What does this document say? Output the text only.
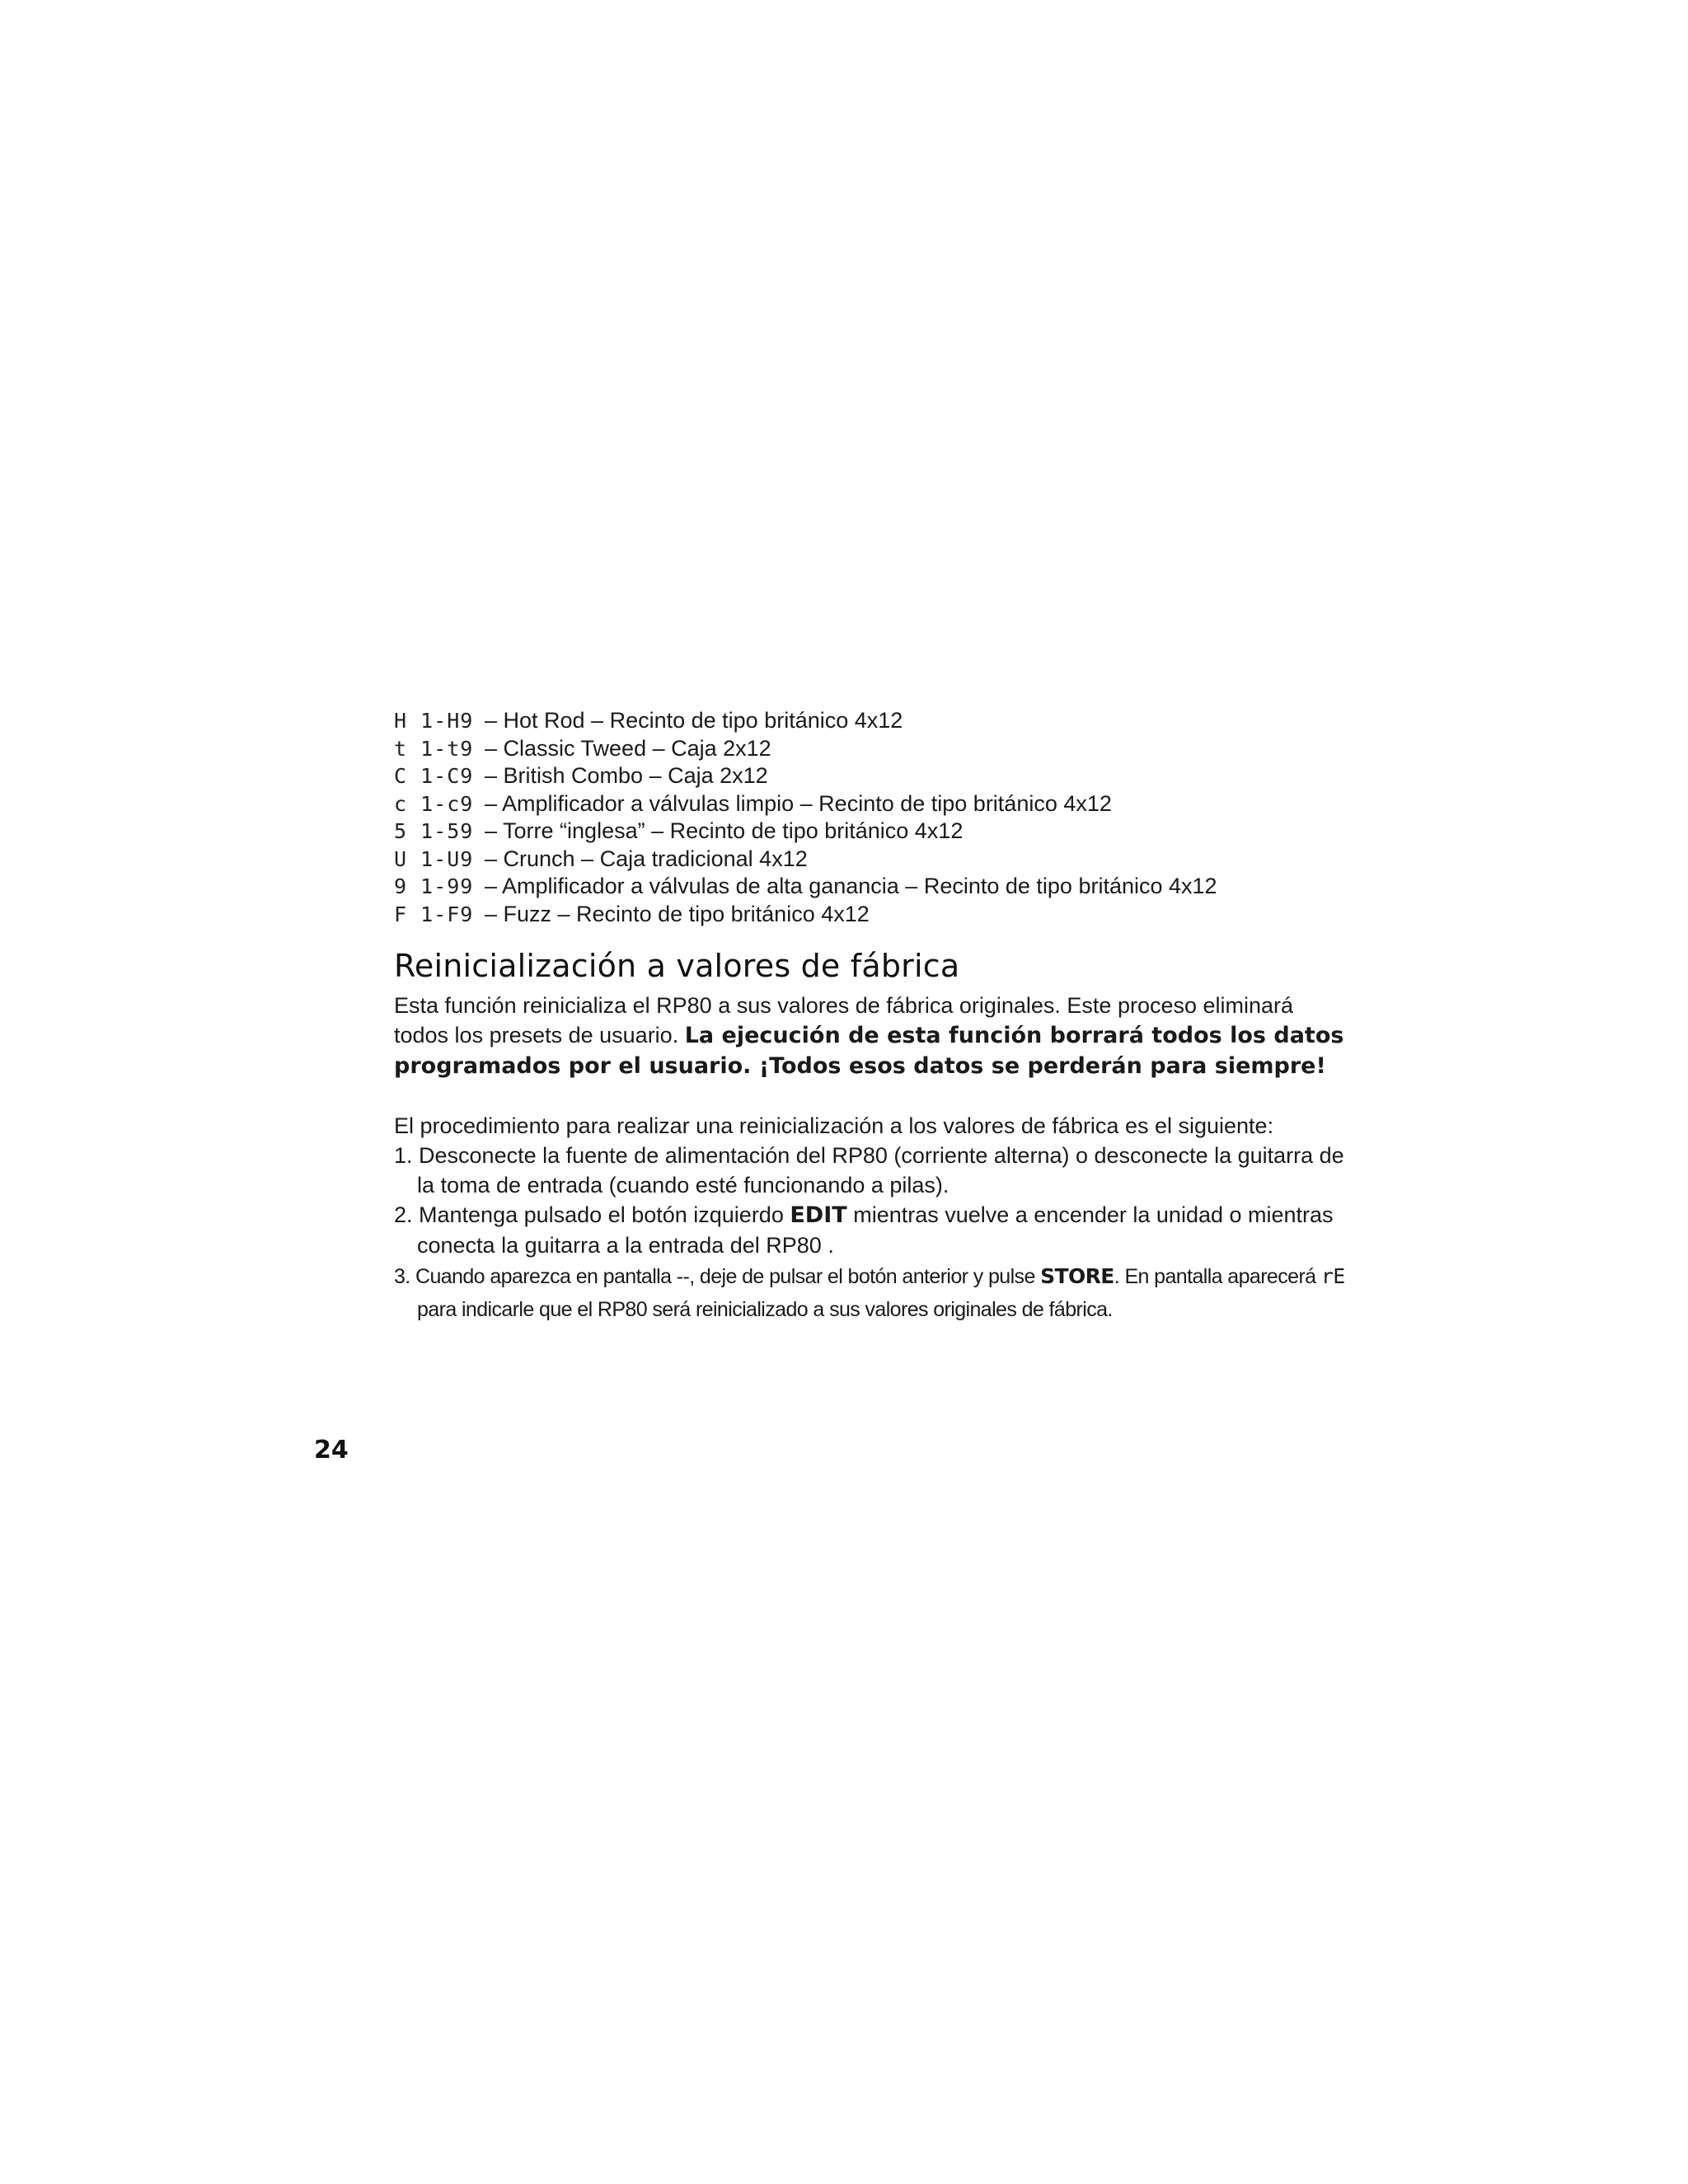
H 1-H9 – Hot Rod – Recinto de tipo británico 4x12
t 1-t9 – Classic Tweed – Caja 2x12
C 1-C9 – British Combo – Caja 2x12
c 1-c9 – Amplificador a válvulas limpio – Recinto de tipo británico 4x12
5 1-59 – Torre “inglesa” – Recinto de tipo británico 4x12
U 1-U9 – Crunch – Caja tradicional 4x12
9 1-99 – Amplificador a válvulas de alta ganancia – Recinto de tipo británico 4x12
F 1-F9 – Fuzz – Recinto de tipo británico 4x12
Reinicialización a valores de fábrica

Esta función reinicializa el RP80 a sus valores de fábrica originales. Este proceso eliminará todos los presets de usuario. La ejecución de esta función borrará todos los datos programados por el usuario. ¡Todos esos datos se perderán para siempre!

El procedimiento para realizar una reinicialización a los valores de fábrica es el siguiente:

1. Desconecte la fuente de alimentación del RP80 (corriente alterna) o desconecte la guitarra de la toma de entrada (cuando esté funcionando a pilas).
2. Mantenga pulsado el botón izquierdo EDIT mientras vuelve a encender la unidad o mientras conecta la guitarra a la entrada del RP80 .
3. Cuando aparezca en pantalla --, deje de pulsar el botón anterior y pulse STORE. En pantalla aparecerá rE para indicarle que el RP80 será reinicializado a sus valores originales de fábrica.
24
